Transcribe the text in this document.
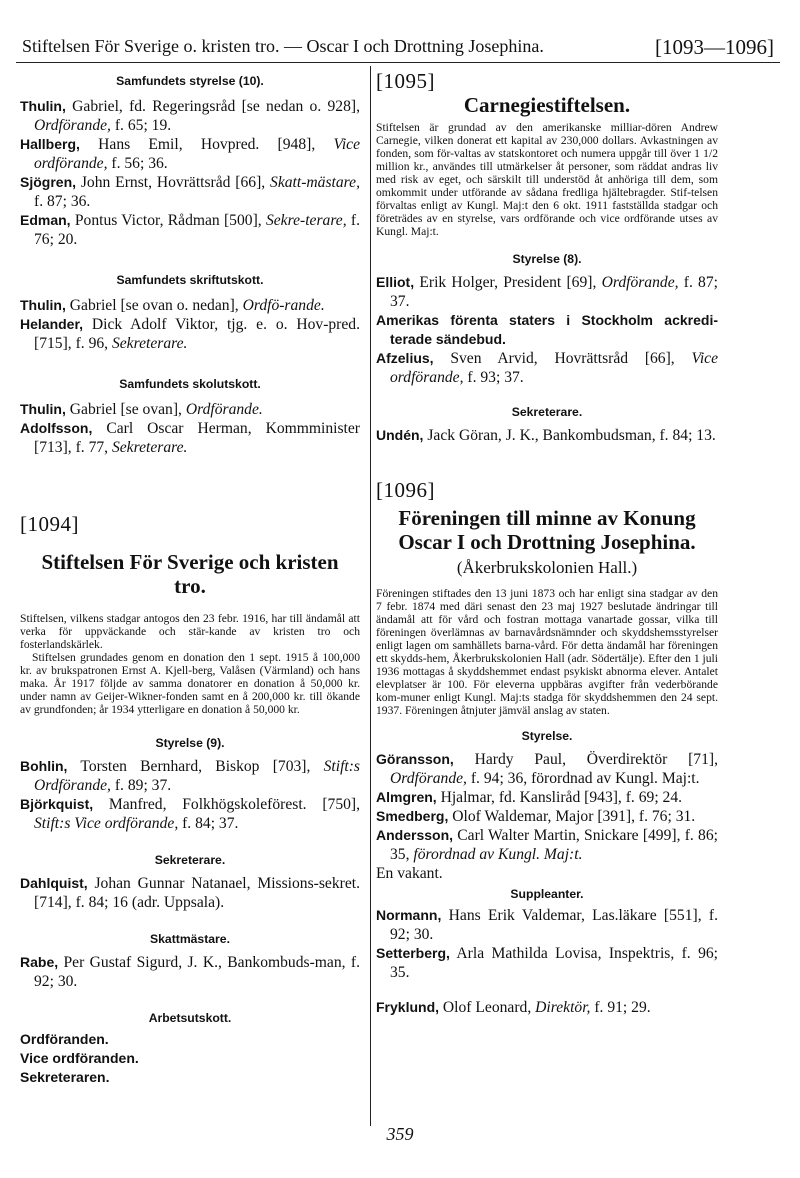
Stiftelsen För Sverige o. kristen tro. — Oscar I och Drottning Josephina.	[1093—1096]

Samfundets styrelse (10).

Thulin, Gabriel, fd. Regeringsråd [se nedan o. 928], Ordförande, f. 65; 19.

Hallberg, Hans Emil, Hovpred. [948], Vice ordförande, f. 56; 36.

Sjögren, John Ernst, Hovrättsråd [66], Skatt-mästare, f. 87; 36.

Edman, Pontus Victor, Rådman [500], Sekre-terare, f. 76; 20.

Samfundets skriftutskott.

Thulin, Gabriel [se ovan o. nedan], Ordfö-rande.

Helander, Dick Adolf Viktor, tjg. e. o. Hov-pred. [715], f. 96, Sekreterare.

Samfundets skolutskott.

Thulin, Gabriel [se ovan], Ordförande.

Adolfsson, Carl Oscar Herman, Kommminister [713], f. 77, Sekreterare.

[1094]

Stiftelsen För Sverige och kristen tro.

Stiftelsen, vilkens stadgar antogos den 23 febr. 1916, har till ändamål att verka för uppväckande och stär-kande av kristen tro och fosterlandskärlek.

Stiftelsen grundades genom en donation den 1 sept. 1915 å 100,000 kr. av brukspatronen Ernst A. Kjell-berg, Valåsen (Värmland) och hans maka. År 1917 följde av samma donatorer en donation å 50,000 kr. under namn av Geijer-Wikner-fonden samt en å 200,000 kr. till ökande av grundfonden; år 1934 ytterligare en donation å 50,000 kr.

Styrelse (9).

Bohlin, Torsten Bernhard, Biskop [703], Stift:s Ordförande, f. 89; 37.

Björkquist, Manfred, Folkhögskoleförest. [750], Stift:s Vice ordförande, f. 84; 37.

Sekreterare.

Dahlquist, Johan Gunnar Natanael, Missions-sekret. [714], f. 84; 16 (adr. Uppsala).

Skattmästare.

Rabe, Per Gustaf Sigurd, J. K., Bankombuds-man, f. 92; 30.

Arbetsutskott.

Ordföranden.

Vice ordföranden.

Sekreteraren.

[1095]

Carnegiestiftelsen.

Stiftelsen är grundad av den amerikanske milliar-dören Andrew Carnegie, vilken donerat ett kapital av 230,000 dollars. Avkastningen av fonden, som för-valtas av statskontoret och numera uppgår till över 1 1/2 million kr., användes till utmärkelser åt personer, som räddat andras liv med risk av eget, och särskilt till understöd åt anhöriga till dem, som omkommit under utförande av sådana fredliga hjältebragder. Stif-telsen förvaltas enligt av Kungl. Maj:t den 6 okt. 1911 fastställda stadgar och företrädes av en styrelse, vars ordförande och vice ordförande utses av Kungl. Maj:t.

Styrelse (8).

Elliot, Erik Holger, President [69], Ordförande, f. 87; 37.

Amerikas förenta staters i Stockholm ackredi-terade sändebud.

Afzelius, Sven Arvid, Hovrättsråd [66], Vice ordförande, f. 93; 37.

Sekreterare.

Undén, Jack Göran, J. K., Bankombudsman, f. 84; 13.

[1096]

Föreningen till minne av Konung Oscar I och Drottning Josephina.

(Åkerbrukskolonien Hall.)

Föreningen stiftades den 13 juni 1873 och har enligt sina stadgar av den 7 febr. 1874 med däri senast den 23 maj 1927 beslutade ändringar till ändamål att för vård och fostran mottaga vanartade gossar, vilka till föreningen överlämnas av barnavårdsnämnder och skyddshemsstyrelser enligt lagen om samhällets barna-vård. För detta ändamål har föreningen ett skydds-hem, Åkerbrukskolonien Hall (adr. Södertälje). Efter den 1 juli 1936 mottagas å skyddshemmet endast psykiskt abnorma elever. Antalet elevplatser är 100. För eleverna uppbäras avgifter från vederbörande kom-muner enligt Kungl. Maj:ts stadga för skyddshemmen den 24 sept. 1937. Föreningen åtnjuter jämväl anslag av staten.

Styrelse.

Göransson, Hardy Paul, Överdirektör [71], Ordförande, f. 94; 36, förordnad av Kungl. Maj:t.

Almgren, Hjalmar, fd. Kansliråd [943], f. 69; 24.

Smedberg, Olof Waldemar, Major [391], f. 76; 31.

Andersson, Carl Walter Martin, Snickare [499], f. 86; 35, förordnad av Kungl. Maj:t.

En vakant.

Suppleanter.

Normann, Hans Erik Valdemar, Las.läkare [551], f. 92; 30.

Setterberg, Arla Mathilda Lovisa, Inspektris, f. 96; 35.

Fryklund, Olof Leonard, Direktör, f. 91; 29.

359
